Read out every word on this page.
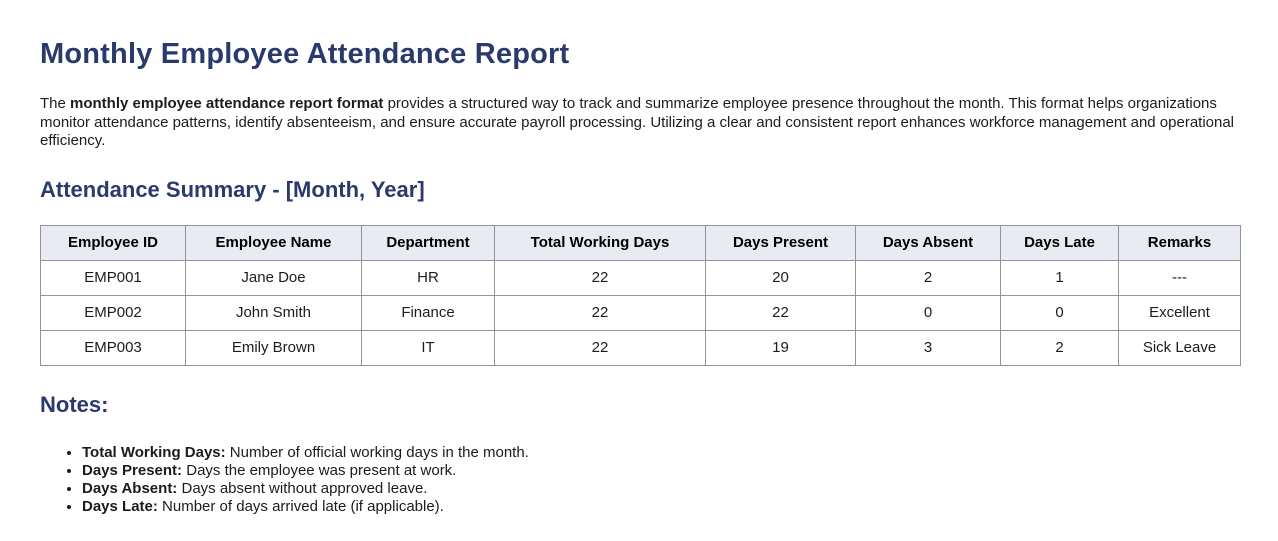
Monthly Employee Attendance Report

The monthly employee attendance report format provides a structured way to track and summarize employee presence throughout the month. This format helps organizations monitor attendance patterns, identify absenteeism, and ensure accurate payroll processing. Utilizing a clear and consistent report enhances workforce management and operational efficiency.

Attendance Summary - [Month, Year]
Employee ID	Employee Name	Department	Total Working Days	Days Present	Days Absent	Days Late	Remarks
EMP001	Jane Doe	HR	22	20	2	1	---
EMP002	John Smith	Finance	22	22	0	0	Excellent
EMP003	Emily Brown	IT	22	19	3	2	Sick Leave
Notes:
• Total Working Days: Number of official working days in the month.
• Days Present: Days the employee was present at work.
• Days Absent: Days absent without approved leave.
• Days Late: Number of days arrived late (if applicable).
